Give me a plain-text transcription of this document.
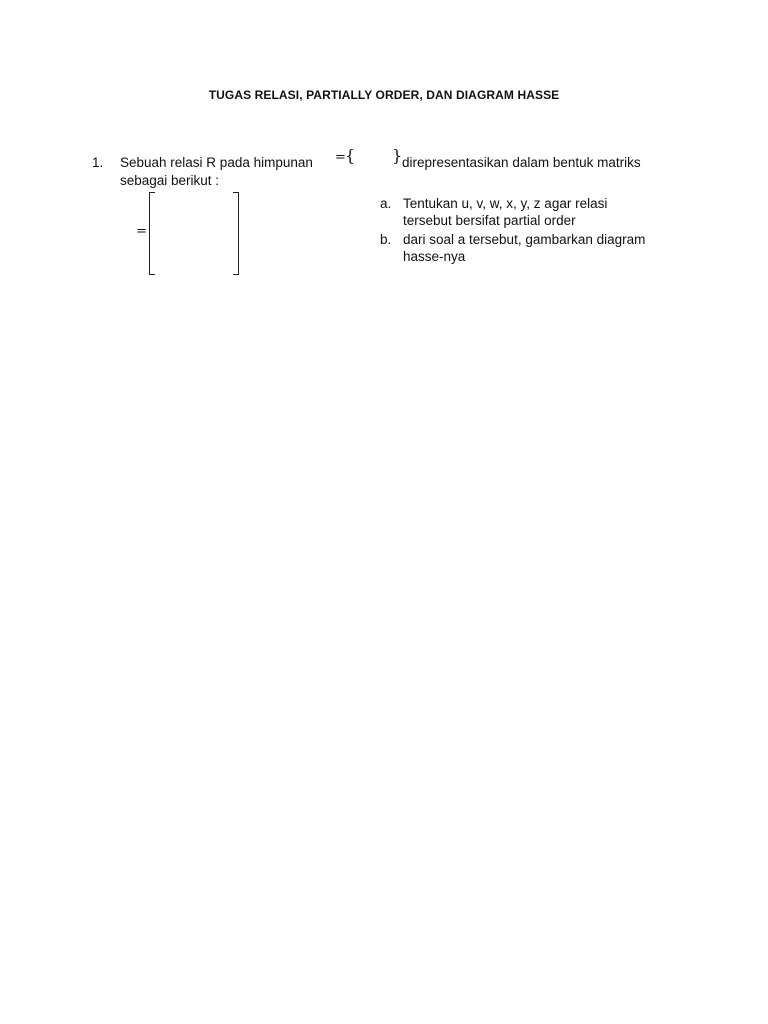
TUGAS RELASI, PARTIALLY ORDER, DAN DIAGRAM HASSE
1. Sebuah relasi R pada himpunan = { } direpresentasikan dalam bentuk matriks
sebagai berikut :
=
a. Tentukan u, v, w, x, y, z agar relasi
tersebut bersifat partial order
b. dari soal a tersebut, gambarkan diagram
hasse-nya
